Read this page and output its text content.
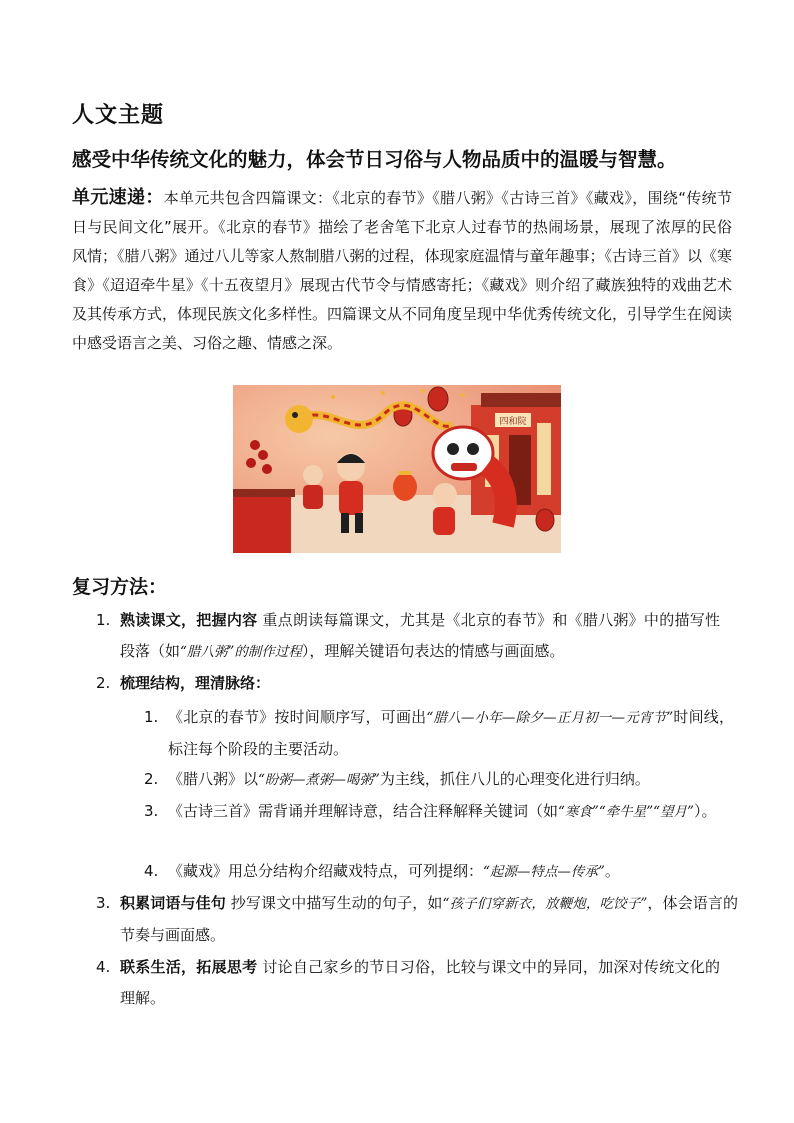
人文主题
感受中华传统文化的魅力，体会节日习俗与人物品质中的温暖与智慧。
单元速递：本单元共包含四篇课文：《北京的春节》《腊八粥》《古诗三首》《藏戏》，围绕“传统节日与民间文化”展开。《北京的春节》描绘了老舍笔下北京人过春节的热闹场景，展现了浓厚的民俗风情；《腊八粥》通过八儿等家人熬制腊八粥的过程，体现家庭温情与童年趣事；《古诗三首》以《寒食》《迢迢牵牛星》《十五夜望月》展现古代节令与情感寄托；《藏戏》则介绍了藏族独特的戏曲艺术及其传承方式，体现民族文化多样性。四篇课文从不同角度呈现中华优秀传统文化，引导学生在阅读中感受语言之美、习俗之趣、情感之深。
四和院
复习方法：
1. 熟读课文，把握内容 重点朗读每篇课文，尤其是《北京的春节》和《腊八粥》中的描写性段落（如“腊八粥”的制作过程），理解关键语句表达的情感与画面感。
2. 梳理结构，理清脉络：
1. 《北京的春节》按时间顺序写，可画出“腊八—小年—除夕—正月初一—元宵节”时间线，标注每个阶段的主要活动。
2. 《腊八粥》以“盼粥—煮粥—喝粥”为主线，抓住八儿的心理变化进行归纳。
3. 《古诗三首》需背诵并理解诗意，结合注释解释关键词（如“寒食”“牵牛星”“望月”）。
4. 《藏戏》用总分结构介绍藏戏特点，可列提纲：“起源—特点—传承”。
3. 积累词语与佳句 抄写课文中描写生动的句子，如“孩子们穿新衣，放鞭炮，吃饺子”，体会语言的节奏与画面感。
4. 联系生活，拓展思考 讨论自己家乡的节日习俗，比较与课文中的异同，加深对传统文化的理解。
